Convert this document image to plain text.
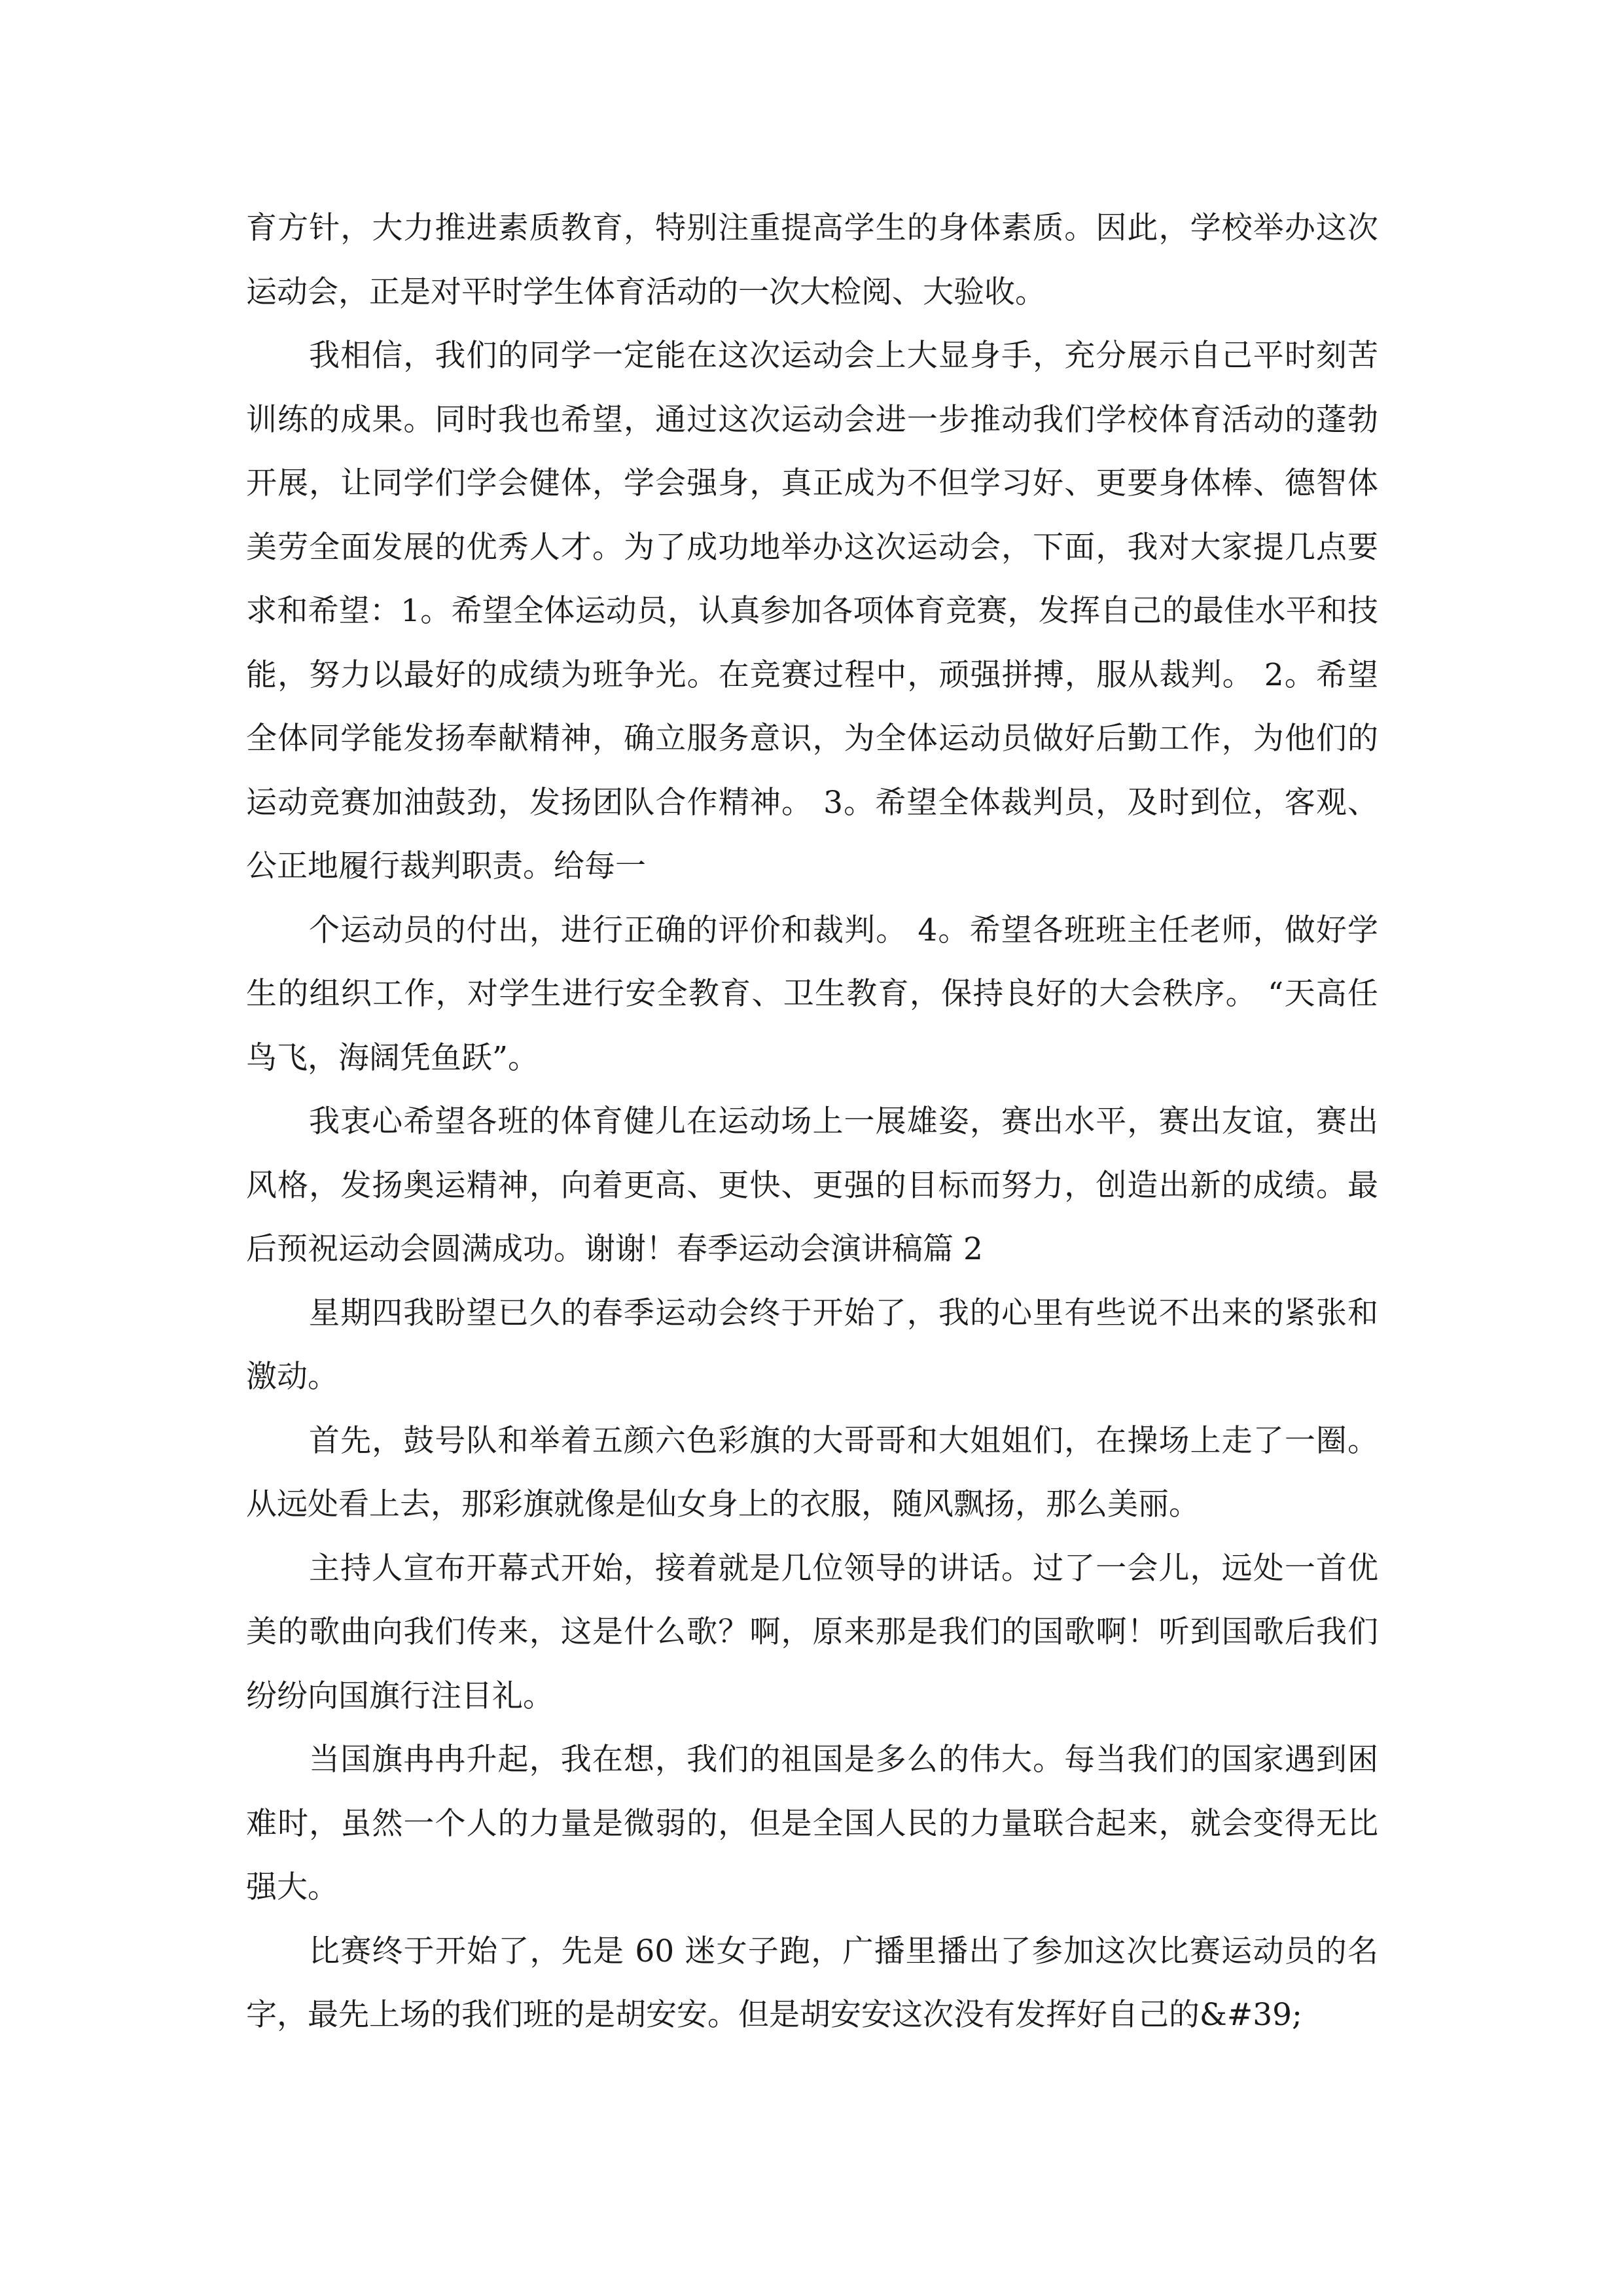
育方针，大力推进素质教育，特别注重提高学生的身体素质。因此，学校举办这次运动会，正是对平时学生体育活动的一次大检阅、大验收。

我相信，我们的同学一定能在这次运动会上大显身手，充分展示自己平时刻苦训练的成果。同时我也希望，通过这次运动会进一步推动我们学校体育活动的蓬勃开展，让同学们学会健体，学会强身，真正成为不但学习好、更要身体棒、德智体美劳全面发展的优秀人才。为了成功地举办这次运动会，下面，我对大家提几点要求和希望：1。希望全体运动员，认真参加各项体育竞赛，发挥自己的最佳水平和技能，努力以最好的成绩为班争光。在竞赛过程中，顽强拼搏，服从裁判。 2。希望全体同学能发扬奉献精神，确立服务意识，为全体运动员做好后勤工作，为他们的运动竞赛加油鼓劲，发扬团队合作精神。 3。希望全体裁判员，及时到位，客观、公正地履行裁判职责。给每一

个运动员的付出，进行正确的评价和裁判。 4。希望各班班主任老师，做好学生的组织工作，对学生进行安全教育、卫生教育，保持良好的大会秩序。 “天高任鸟飞，海阔凭鱼跃”。

我衷心希望各班的体育健儿在运动场上一展雄姿，赛出水平，赛出友谊，赛出风格，发扬奥运精神，向着更高、更快、更强的目标而努力，创造出新的成绩。最后预祝运动会圆满成功。谢谢！春季运动会演讲稿篇 2

星期四我盼望已久的春季运动会终于开始了，我的心里有些说不出来的紧张和激动。

首先，鼓号队和举着五颜六色彩旗的大哥哥和大姐姐们，在操场上走了一圈。从远处看上去，那彩旗就像是仙女身上的衣服，随风飘扬，那么美丽。

主持人宣布开幕式开始，接着就是几位领导的讲话。过了一会儿，远处一首优美的歌曲向我们传来，这是什么歌？啊，原来那是我们的国歌啊！听到国歌后我们纷纷向国旗行注目礼。

当国旗冉冉升起，我在想，我们的祖国是多么的伟大。每当我们的国家遇到困难时，虽然一个人的力量是微弱的，但是全国人民的力量联合起来，就会变得无比强大。

比赛终于开始了，先是 60 迷女子跑，广播里播出了参加这次比赛运动员的名字，最先上场的我们班的是胡安安。但是胡安安这次没有发挥好自己的&#39;
